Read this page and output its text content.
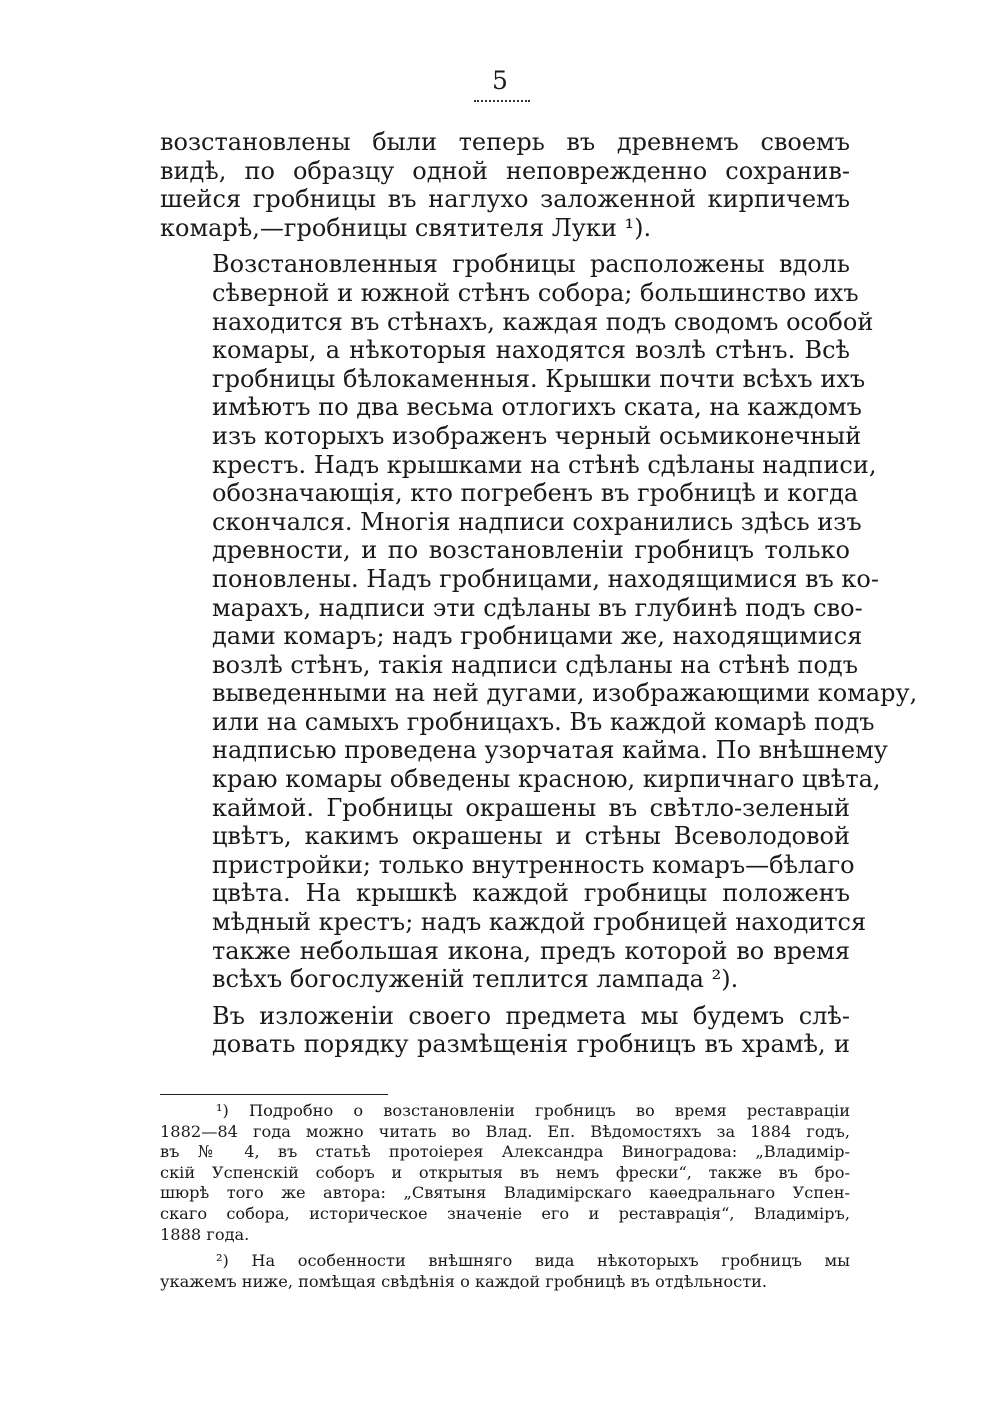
5

возстановлены были теперь въ древнемъ своемъ
видѣ, по образцу одной неповрежденно сохранив-
шейся гробницы въ наглухо заложенной кирпичемъ
комарѣ,—гробницы святителя Луки ¹).

Возстановленныя гробницы расположены вдоль
сѣверной и южной стѣнъ собора; большинство ихъ
находится въ стѣнахъ, каждая подъ сводомъ особой
комары, а нѣкоторыя находятся возлѣ стѣнъ. Всѣ
гробницы бѣлокаменныя. Крышки почти всѣхъ ихъ
имѣютъ по два весьма отлогихъ ската, на каждомъ
изъ которыхъ изображенъ черный осьмиконечный
крестъ. Надъ крышками на стѣнѣ сдѣланы надписи,
обозначающія, кто погребенъ въ гробницѣ и когда
скончался. Многія надписи сохранились здѣсь изъ
древности, и по возстановленіи гробницъ только
поновлены. Надъ гробницами, находящимися въ ко-
марахъ, надписи эти сдѣланы въ глубинѣ подъ сво-
дами комаръ; надъ гробницами же, находящимися
возлѣ стѣнъ, такія надписи сдѣланы на стѣнѣ подъ
выведенными на ней дугами, изображающими комару,
или на самыхъ гробницахъ. Въ каждой комарѣ подъ
надписью проведена узорчатая кайма. По внѣшнему
краю комары обведены красною, кирпичнаго цвѣта,
каймой. Гробницы окрашены въ свѣтло-зеленый
цвѣтъ, какимъ окрашены и стѣны Всеволодовой
пристройки; только внутренность комаръ—бѣлаго
цвѣта. На крышкѣ каждой гробницы положенъ
мѣдный крестъ; надъ каждой гробницей находится
также небольшая икона, предъ которой во время
всѣхъ богослуженій теплится лампада ²).

Въ изложеніи своего предмета мы будемъ слѣ-
довать порядку размѣщенія гробницъ въ храмѣ, и

¹) Подробно о возстановленіи гробницъ во время реставраціи
1882—84 года можно читать во Влад. Еп. Вѣдомостяхъ за 1884 годъ,
въ № 4, въ статьѣ протоіерея Александра Виноградова: „Владимір-
скій Успенскій соборъ и открытыя въ немъ фрески“, также въ бро-
шюрѣ того же автора: „Святыня Владимірскаго каѳедральнаго Успен-
скаго собора, историческое значеніе его и реставрація“, Владиміръ,
1888 года.

²) На особенности внѣшняго вида нѣкоторыхъ гробницъ мы
укажемъ ниже, помѣщая свѣдѣнія о каждой гробницѣ въ отдѣльности.
